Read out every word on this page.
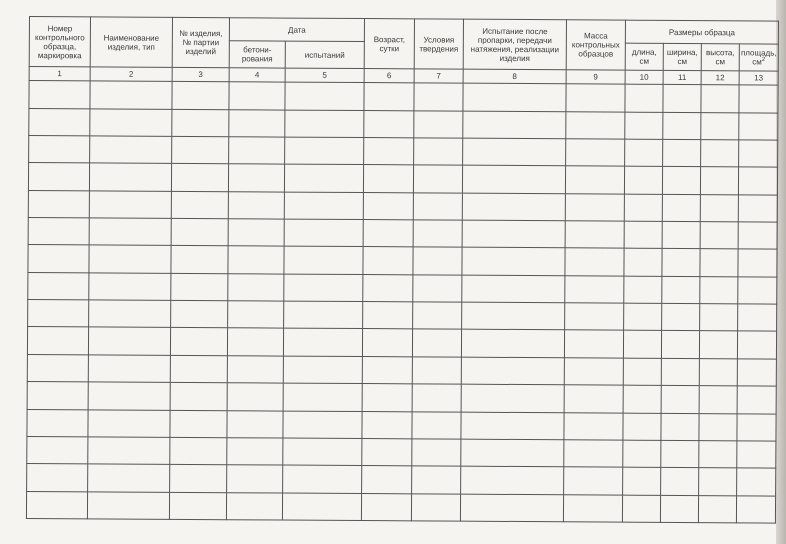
Номер контрольного образца, маркировка	Наименование изделия, тип	№ изделия, № партии изделий	Дата		Возраст, сутки	Условия твердения	Испытание после пропарки, передачи натяжения, реализации изделия	Масса контрольных образцов	Размеры образца			
			бетони-рования	испытаний					длина, см	ширина, см	высота, см	площадь, $см^2$
1	2	3	4	5	6	7	8	9	10	11	12	13
